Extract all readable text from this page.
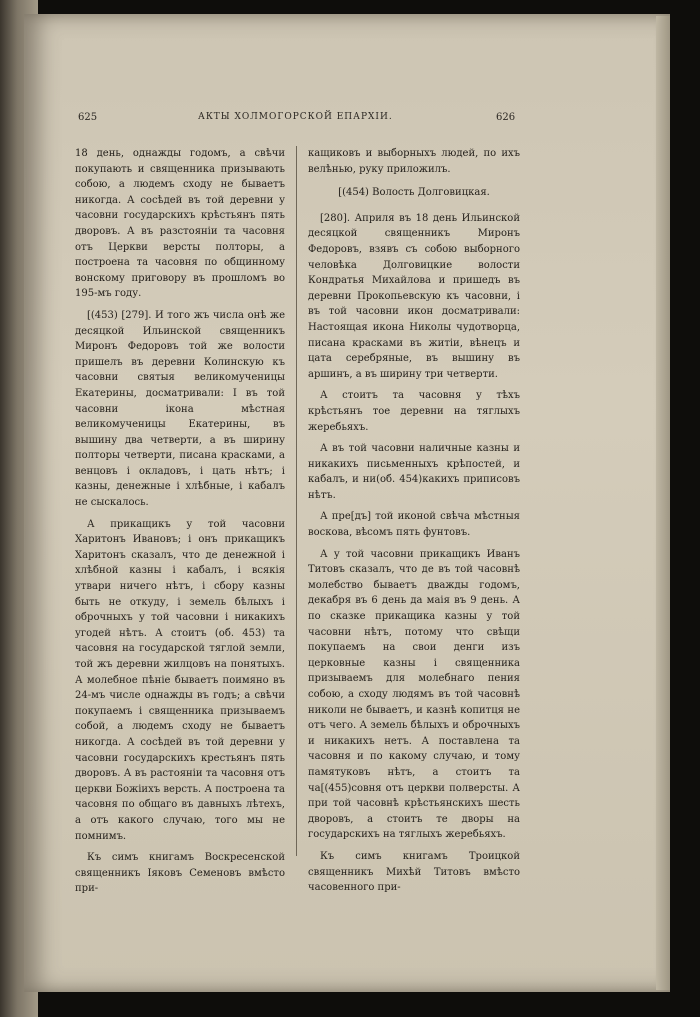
625	АКТЫ ХОЛМОГОРСКОЙ ЕПАРХІИ.	626

18 день, однажды годомъ, а свѣчи покупають и священника призывають собою, а людемъ сходу не бываетъ никогда. А сосѣдей въ той деревни у часовни государскихъ крѣстьянъ пять дворовъ. А въ разстояніи та часовня отъ Церкви версты полторы, а построена та часовня по общинному вонскому приговору въ прошломъ во 195-мъ году.

[(453) [279]. И того жъ числа онѣ же десяцкой Ильинской священникъ Миронъ Федоровъ той же волости пришелъ въ деревни Колинскую къ часовни святыя великомученицы Екатерины, досматривали: І въ той часовни ікона мѣстная великомученицы Екатерины, въ вышину два четверти, а въ ширину полторы четверти, писана красками, а венцовъ і окладовъ, і цать нѣтъ; і казны, денежные і хлѣбные, і кабалъ не сыскалось.

А прикащикъ у той часовни Харитонъ Ивановъ; і онъ прикащикъ Харитонъ сказалъ, что де денежной і хлѣбной казны і кабалъ, і всякія утвари ничего нѣтъ, і сбору казны быть не откуду, і земель бѣлыхъ і оброчныхъ у той часовни і никакихъ угодей нѣтъ. А стоитъ (об. 453) та часовня на государской тяглой земли, той жъ деревни жилцовъ на понятыхъ. А молебное пѣніе бываетъ поимяно въ 24-мъ числе однажды въ годъ; а свѣчи покупаемъ і священника призываемъ собой, а людемъ сходу не бываетъ никогда. А сосѣдей въ той деревни у часовни государскихъ крестьянъ пять дворовъ. А въ растояніи та часовня отъ церкви Божіихъ версть. А построена та часовня по общаго въ давныхъ лѣтехъ, а отъ какого случаю, того мы не помнимъ.

Къ симъ книгамъ Воскресенской священникъ Іяковъ Семеновъ вмѣсто при-

кащиковъ и выборныхъ людей, по ихъ велѣнью, руку приложилъ.

[(454) Волость Долговицкая.

[280]. Априля въ 18 день Ильинской десяцкой священникъ Миронъ Федоровъ, взявъ съ собою выборного человѣка Долговицкие волости Кондратья Михайлова и пришедъ въ деревни Прокопьевскую къ часовни, і въ той часовни икон досматривали: Настоящая икона Николы чудотворца, писана красками въ житіи, вѣнецъ и цата серебряные, въ вышину въ аршинъ, а въ ширину три четверти.

А стоитъ та часовня у тѣхъ крѣстьянъ тое деревни на тяглыхъ жеребьяхъ.

А въ той часовни наличные казны и никакихъ письменныхъ крѣпостей, и кабалъ, и ни(об. 454)какихъ приписовъ нѣтъ.

А пре[дъ] той иконой свѣча мѣстныя воскова, вѣсомъ пять фунтовъ.

А у той часовни прикащикъ Иванъ Титовъ сказалъ, что де въ той часовнѣ молебство бываетъ дважды годомъ, декабря въ 6 день да маія въ 9 день. А по сказке прикащика казны у той часовни нѣтъ, потому что свѣщи покупаемъ на свои денги изъ церковные казны і священника призываемъ для молебнаго пения собою, а сходу людямъ въ той часовнѣ николи не бываетъ, и казнѣ копитця не отъ чего. А земель бѣлыхъ и оброчныхъ и никакихъ нетъ. А поставлена та часовня и по какому случаю, и тому памятуковъ нѣтъ, а стоитъ та ча[(455)совня отъ церкви полверсты. А при той часовнѣ крѣстьянскихъ шесть дворовъ, а стоитъ те дворы на государскихъ на тяглыхъ жеребьяхъ.

Къ симъ книгамъ Троицкой священникъ Михѣй Титовъ вмѣсто часовенного при-
